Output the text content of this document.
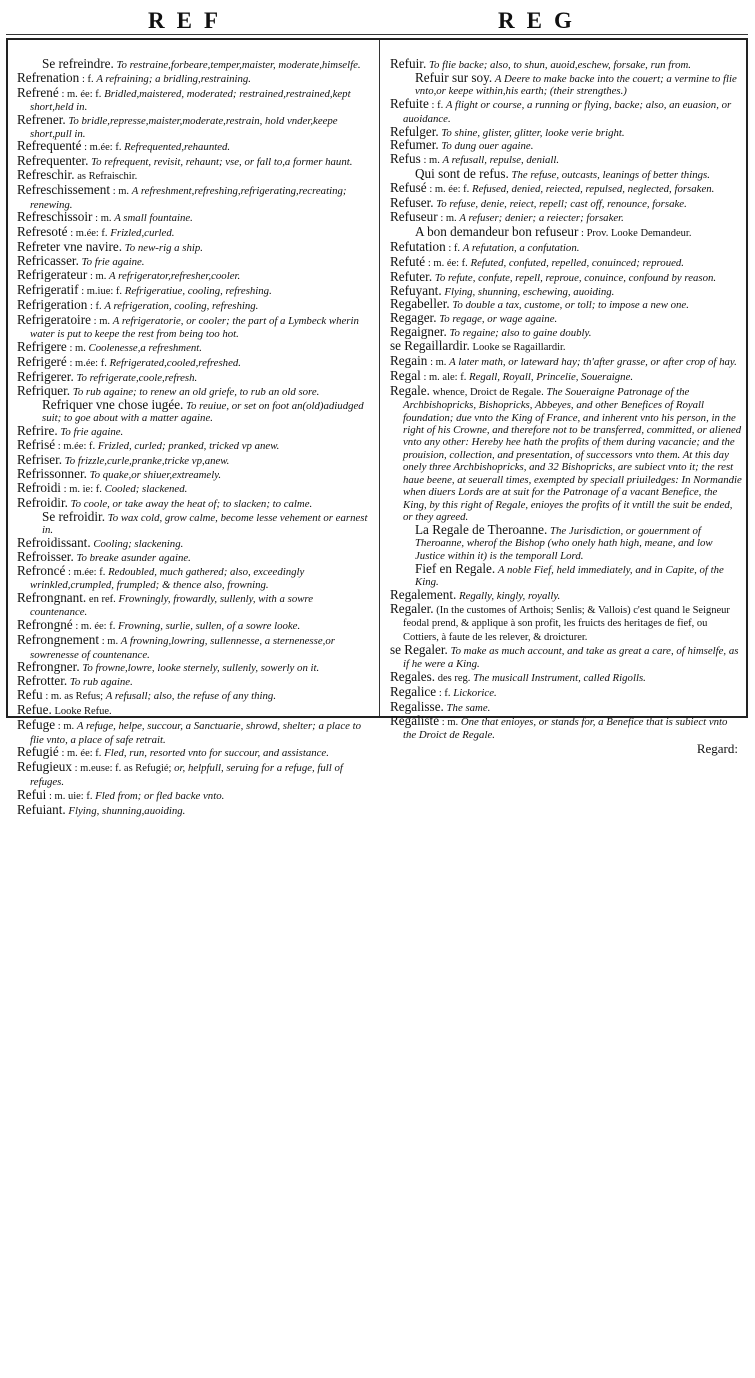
REF	REG
Se refreindre. To restraine,forbeare,temper,maister, moderate,himselfe.
Refrenation : f. A refraining; a bridling,restraining.
Refrené : m. ée: f. Bridled,maistered, moderated; restrained,restrained,kept short,held in.
Refrener. To bridle,represse,maister,moderate,restrain, hold vnder,keepe short,pull in.
Refrequenté : m.ée: f. Refrequented,rehaunted.
Refrequenter. To refrequent, revisit, rehaunt; vse, or fall to,a former haunt.
Refreschir. as Refraischir.
Refreschissement : m. A refreshment,refreshing,refrigerating,recreating; renewing.
Refreschissoir : m. A small fountaine.
Refresoté : m.ée: f. Frizled,curled.
Refreter vne navire. To new-rig a ship.
Refricasser. To frie againe.
Refrigerateur : m. A refrigerator,refresher,cooler.
Refrigeratif : m.iue: f. Refrigeratiue, cooling, refreshing.
Refrigeration : f. A refrigeration, cooling, refreshing.
Refrigeratoire : m. A refrigeratorie, or cooler; the part of a Lymbeck wherin water is put to keepe the rest from being too hot.
Refrigere : m. Coolenesse,a refreshment.
Refrigeré : m.ée: f. Refrigerated,cooled,refreshed.
Refrigerer. To refrigerate,coole,refresh.
Refriquer. To rub againe; to renew an old griefe, to rub an old sore.
Refriquer vne chose iugée. To reuiue, or set on foot an(old)adiudged suit; to goe about with a matter againe.
Refrire. To frie againe.
Refrisé : m.ée: f. Frizled, curled; pranked, tricked vp anew.
Refriser. To frizzle,curle,pranke,tricke vp,anew.
Refrissonner. To quake,or shiuer,extreamely.
Refroidi : m. ie: f. Cooled; slackened.
Refroidir. To coole, or take away the heat of; to slacken; to calme.
Se refroidir. To wax cold, grow calme, become lesse vehement or earnest in.
Refroidissant. Cooling; slackening.
Refroisser. To breake asunder againe.
Refroncé : m.ée: f. Redoubled, much gathered; also, exceedingly wrinkled,crumpled, frumpled; & thence also, frowning.
Refrongnant. en ref. Frowningly, frowardly, sullenly, with a sowre countenance.
Refrongné : m. ée: f. Frowning, surlie, sullen, of a sowre looke.
Refrongnement : m. A frowning,lowring, sullennesse, a sternenesse,or sowrenesse of countenance.
Refrongner. To frowne,lowre, looke sternely, sullenly, sowerly on it.
Refrotter. To rub againe.
Refu : m. as Refus; A refusall; also, the refuse of any thing.
Refue. Looke Refue.
Refuge : m. A refuge, helpe, succour, a Sanctuarie, shrowd, shelter; a place to flie vnto, a place of safe retrait.
Refugié : m. ée: f. Fled, run, resorted vnto for succour, and assistance.
Refugieux : m.euse: f. as Refugié; or, helpfull, seruing for a refuge, full of refuges.
Refui : m. uie: f. Fled from; or fled backe vnto.
Refuiant. Flying, shunning,auoiding.
Refuir. To flie backe; also, to shun, auoid,eschew, forsake, run from.
Refuir sur soy. A Deere to make backe into the couert; a vermine to flie vnto,or keepe within,his earth; (their strengthes.)
Refuite : f. A flight or course, a running or flying, backe; also, an euasion, or auoidance.
Refulger. To shine, glister, glitter, looke verie bright.
Refumer. To dung ouer againe.
Refus : m. A refusall, repulse, deniall.
Qui sont de refus. The refuse, outcasts, leanings of better things.
Refusé : m. ée: f. Refused, denied, reiected, repulsed, neglected, forsaken.
Refuser. To refuse, denie, reiect, repell; cast off, renounce, forsake.
Refuseur : m. A refuser; denier; a reiecter; forsaker.
A bon demandeur bon refuseur : Prov. Looke Demandeur.
Refutation : f. A refutation, a confutation.
Refuté : m. ée: f. Refuted, confuted, repelled, conuinced; reproued.
Refuter. To refute, confute, repell, reproue, conuince, confound by reason.
Refuyant. Flying, shunning, eschewing, auoiding.
Regabeller. To double a tax, custome, or toll; to impose a new one.
Regager. To regage, or wage againe.
Regaigner. To regaine; also to gaine doubly.
se Regaillardir. Looke se Ragaillardir.
Regain : m. A later math, or lateward hay; th'after grasse, or after crop of hay.
Regal : m. ale: f. Regall, Royall, Princelie, Soueraigne.
Regale. whence, Droict de Regale. The Soueraigne Patronage of the Archbishopricks, Bishopricks, Abbeyes, and other Benefices of Royall foundation; due vnto the King of France, and inherent vnto his person, in the right of his Crowne, and therefore not to be transferred, committed, or aliened vnto any other: Hereby hee hath the profits of them during vacancie; and the prouision, collection, and presentation, of successors vnto them. At this day onely three Archbishopricks, and 32 Bishopricks, are subiect vnto it; the rest haue beene, at seuerall times, exempted by speciall priuiledges: In Normandie when diuers Lords are at suit for the Patronage of a vacant Benefice, the King, by this right of Regale, enioyes the profits of it vntill the suit be ended, or they agreed.
La Regale de Theroanne. The Jurisdiction, or gouernment of Theroanne, wherof the Bishop (who onely hath high, meane, and low Justice within it) is the temporall Lord.
Fief en Regale. A noble Fief, held immediately, and in Capite, of the King.
Regalement. Regally, kingly, royally.
Regaler. (In the customes of Arthois; Senlis; & Vallois) c'est quand le Seigneur feodal prend, & applique à son profit, les fruicts des heritages de fief, ou Cottiers, à faute de les relever, & droicturer.
se Regaler. To make as much account, and take as great a care, of himselfe, as if he were a King.
Regales. des reg. The musicall Instrument, called Rigolls.
Regalice : f. Lickorice.
Regalisse. The same.
Regaliste : m. One that enioyes, or stands for, a Benefice that is subiect vnto the Droict de Regale.
Regard:
